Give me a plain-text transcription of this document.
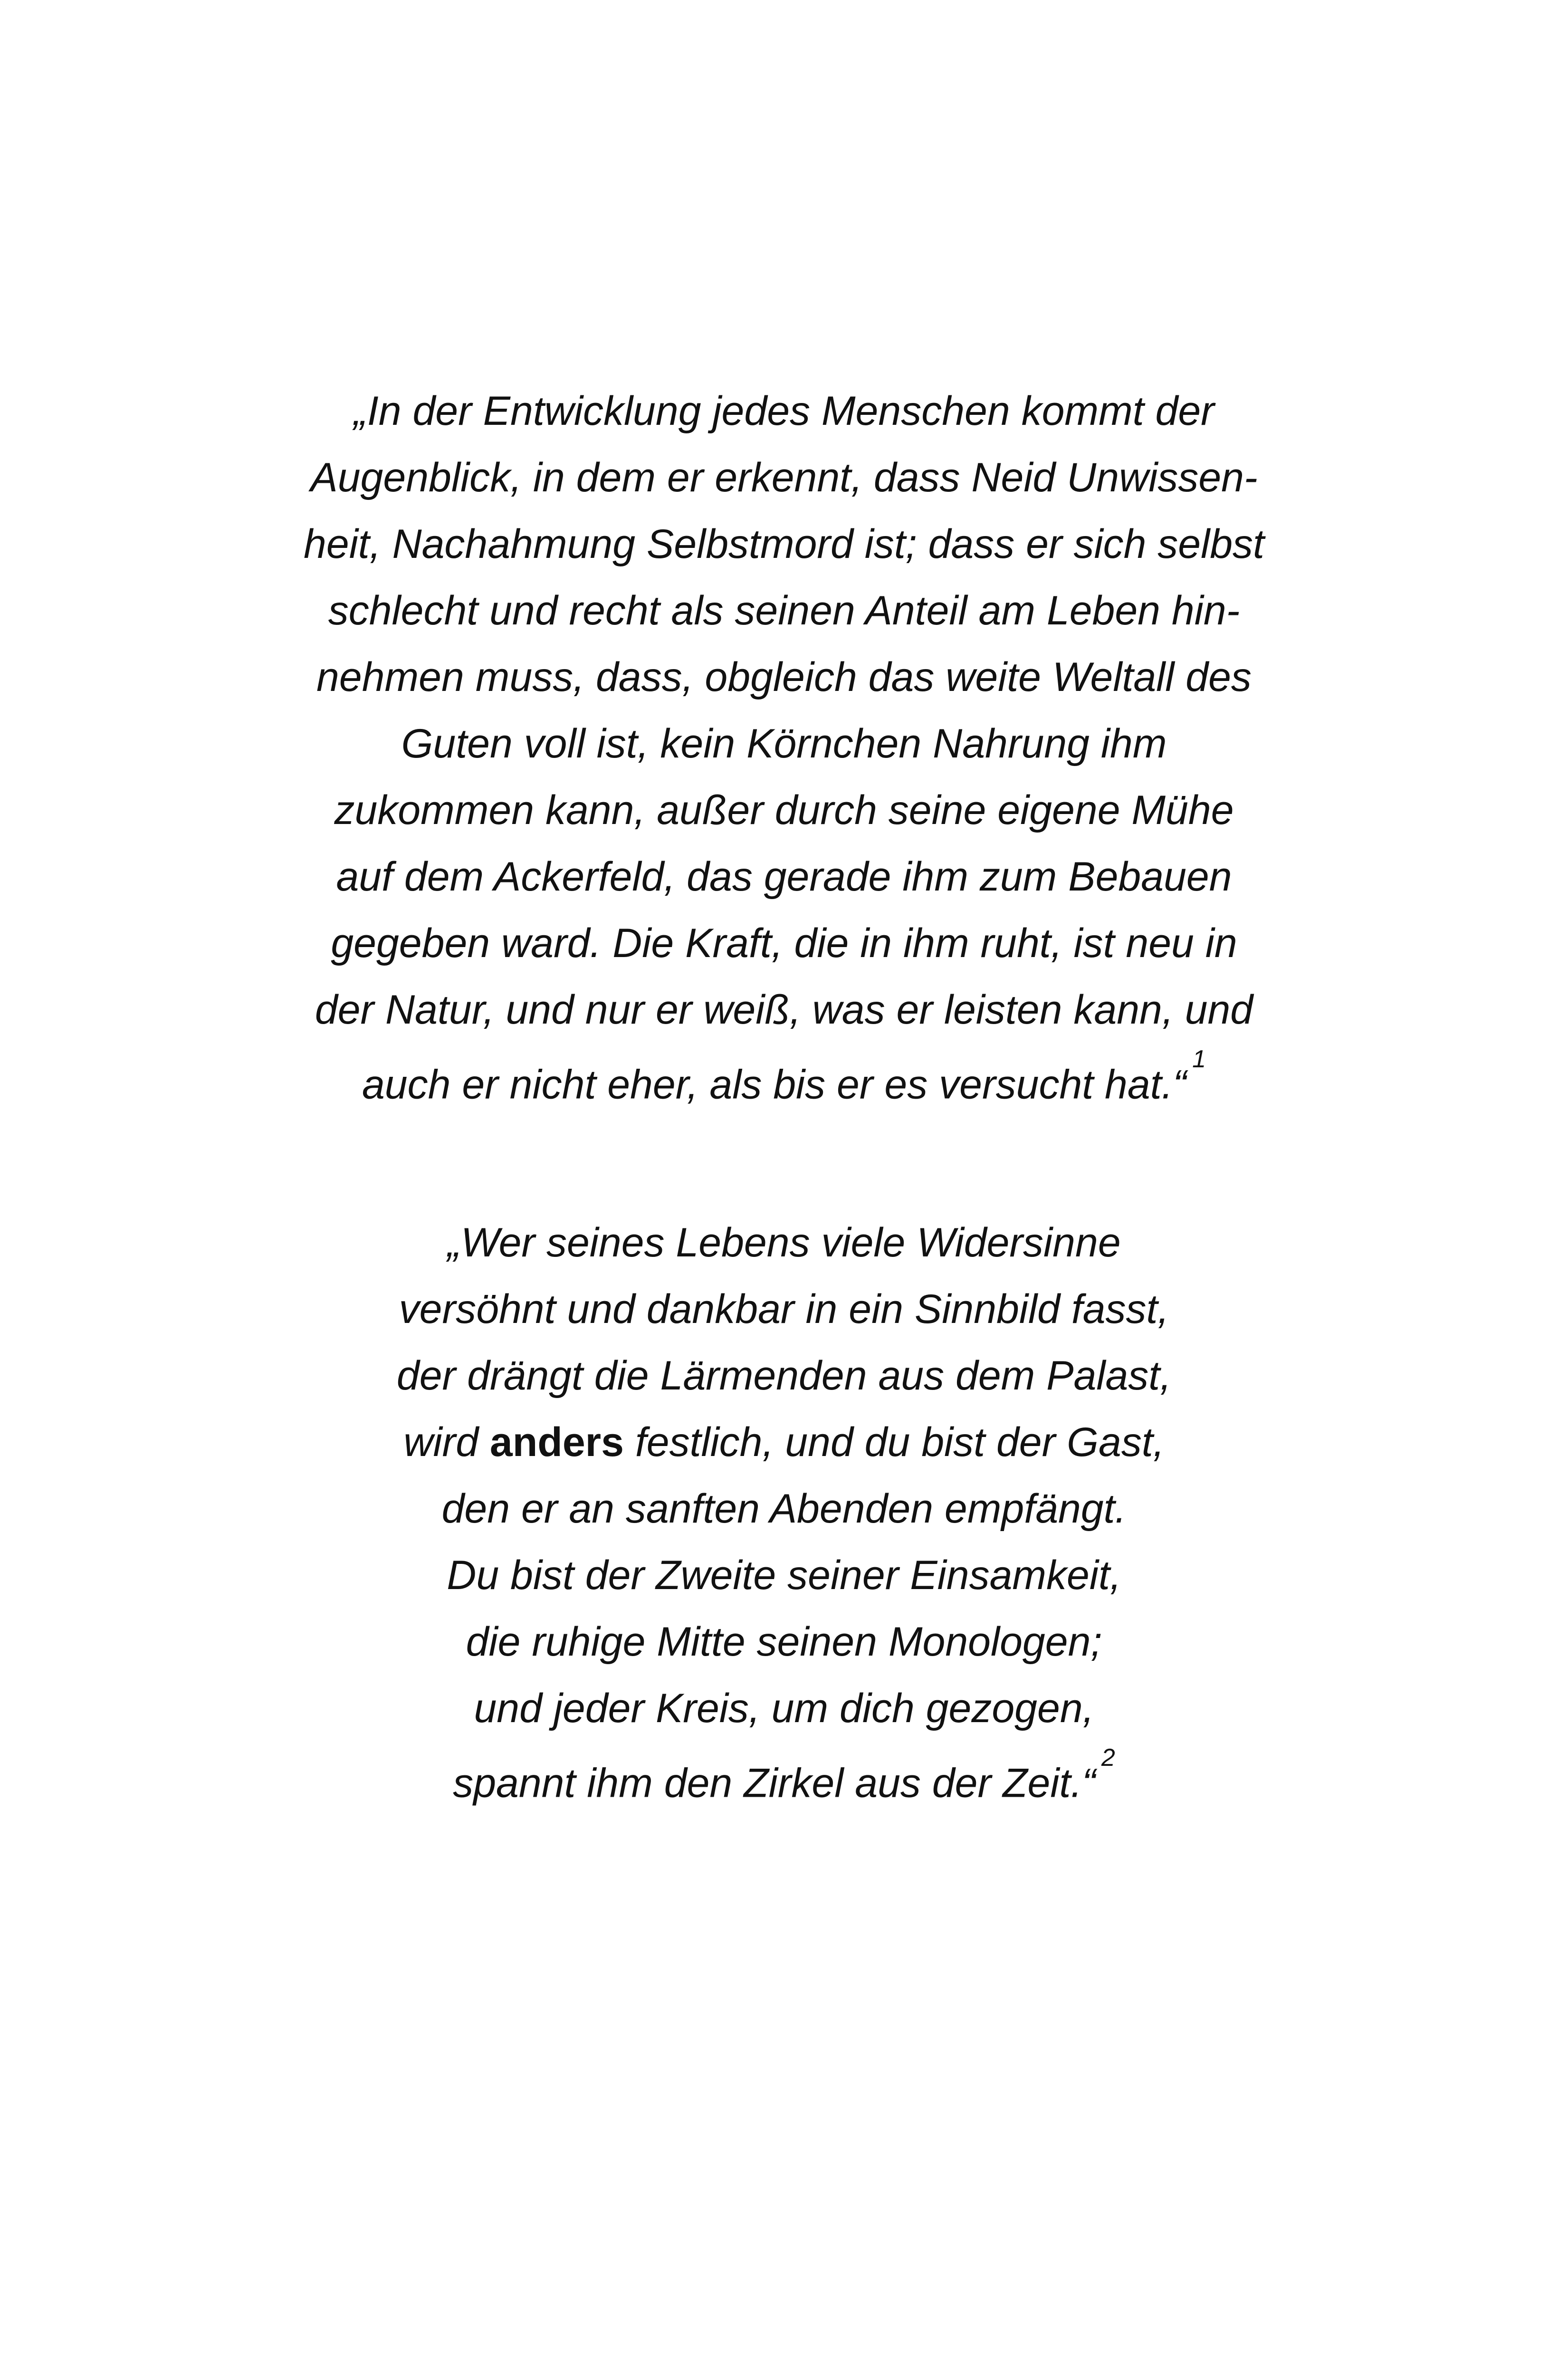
„In der Entwicklung jedes Menschen kommt der
Augenblick, in dem er erkennt, dass Neid Unwissen-
heit, Nachahmung Selbstmord ist; dass er sich selbst
schlecht und recht als seinen Anteil am Leben hin-
nehmen muss, dass, obgleich das weite Weltall des
Guten voll ist, kein Körnchen Nahrung ihm
zukommen kann, außer durch seine eigene Mühe
auf dem Ackerfeld, das gerade ihm zum Bebauen
gegeben ward. Die Kraft, die in ihm ruht, ist neu in
der Natur, und nur er weiß, was er leisten kann, und
auch er nicht eher, als bis er es versucht hat.“$^1$
„Wer seines Lebens viele Widersinne
versöhnt und dankbar in ein Sinnbild fasst,
der drängt die Lärmenden aus dem Palast,
wird anders festlich, und du bist der Gast,
den er an sanften Abenden empfängt.
Du bist der Zweite seiner Einsamkeit,
die ruhige Mitte seinen Monologen;
und jeder Kreis, um dich gezogen,
spannt ihm den Zirkel aus der Zeit.“$^2$
